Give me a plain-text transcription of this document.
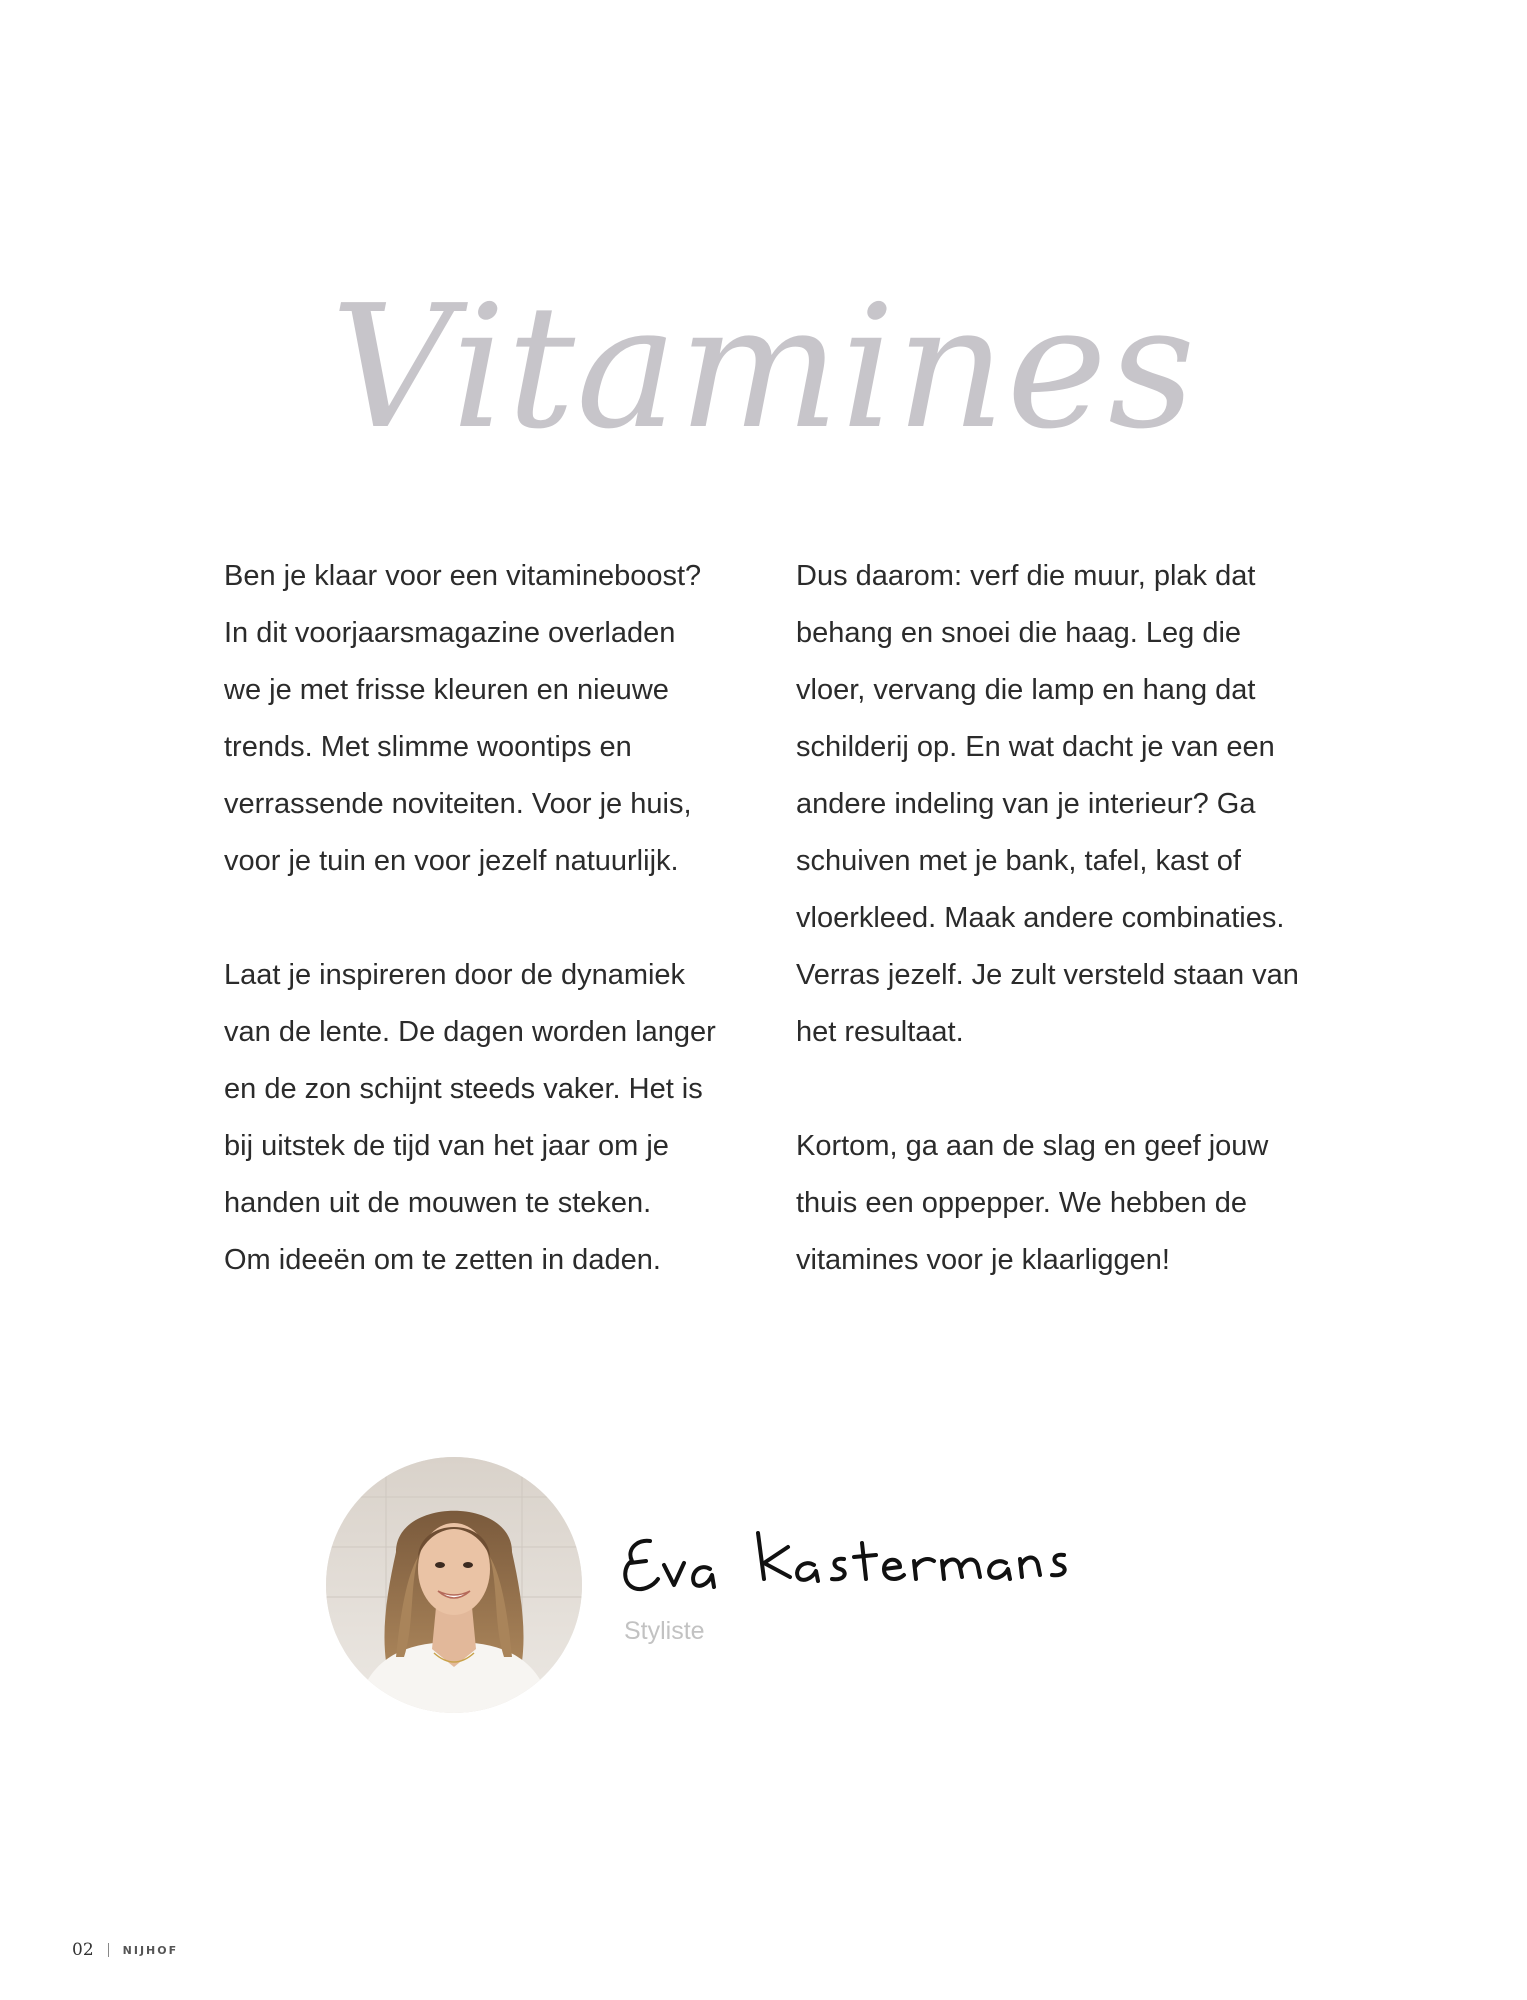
Vitamines

Ben je klaar voor een vitamineboost?
In dit voorjaarsmagazine overladen
we je met frisse kleuren en nieuwe
trends. Met slimme woontips en
verrassende noviteiten. Voor je huis,
voor je tuin en voor jezelf natuurlijk.

Laat je inspireren door de dynamiek
van de lente. De dagen worden langer
en de zon schijnt steeds vaker. Het is
bij uitstek de tijd van het jaar om je
handen uit de mouwen te steken.
Om ideeën om te zetten in daden.

Dus daarom: verf die muur, plak dat
behang en snoei die haag. Leg die
vloer, vervang die lamp en hang dat
schilderij op. En wat dacht je van een
andere indeling van je interieur? Ga
schuiven met je bank, tafel, kast of
vloerkleed. Maak andere combinaties.
Verras jezelf. Je zult versteld staan van
het resultaat.

Kortom, ga aan de slag en geef jouw
thuis een oppepper. We hebben de
vitamines voor je klaarliggen!

Styliste
02	NIJHOF
